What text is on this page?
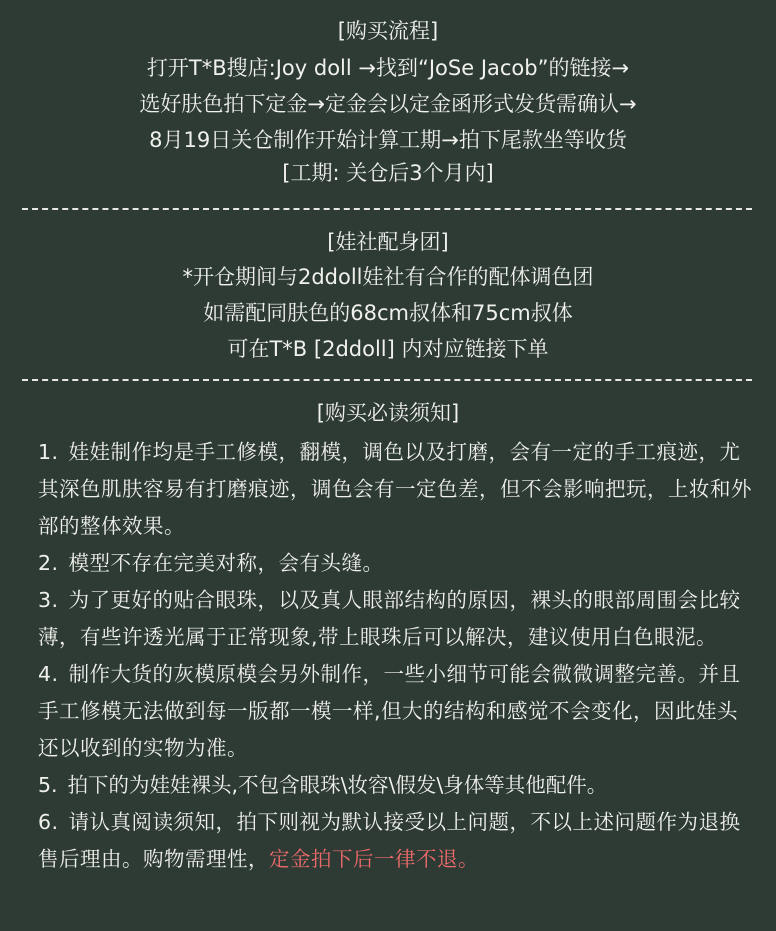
[购买流程]

打开T*B搜店:Joy doll →找到“JoSe Jacob”的链接→

选好肤色拍下定金→定金会以定金函形式发货需确认→

8月19日关仓制作开始计算工期→拍下尾款坐等收货

[工期: 关仓后3个月内]

[娃社配身团]

*开仓期间与2ddoll娃社有合作的配体调色团

如需配同肤色的68cm叔体和75cm叔体

可在T*B [2ddoll] 内对应链接下单

[购买必读须知]

1. 娃娃制作均是手工修模，翻模，调色以及打磨，会有一定的手工痕迹，尤其深色肌肤容易有打磨痕迹，调色会有一定色差，但不会影响把玩，上妆和外部的整体效果。

2. 模型不存在完美对称，会有头缝。

3. 为了更好的贴合眼珠，以及真人眼部结构的原因，裸头的眼部周围会比较薄，有些许透光属于正常现象,带上眼珠后可以解决，建议使用白色眼泥。

4. 制作大货的灰模原模会另外制作，一些小细节可能会微微调整完善。并且手工修模无法做到每一版都一模一样,但大的结构和感觉不会变化，因此娃头还以收到的实物为准。

5. 拍下的为娃娃裸头,不包含眼珠\妆容\假发\身体等其他配件。

6. 请认真阅读须知，拍下则视为默认接受以上问题，不以上述问题作为退换售后理由。购物需理性，定金拍下后一律不退。
